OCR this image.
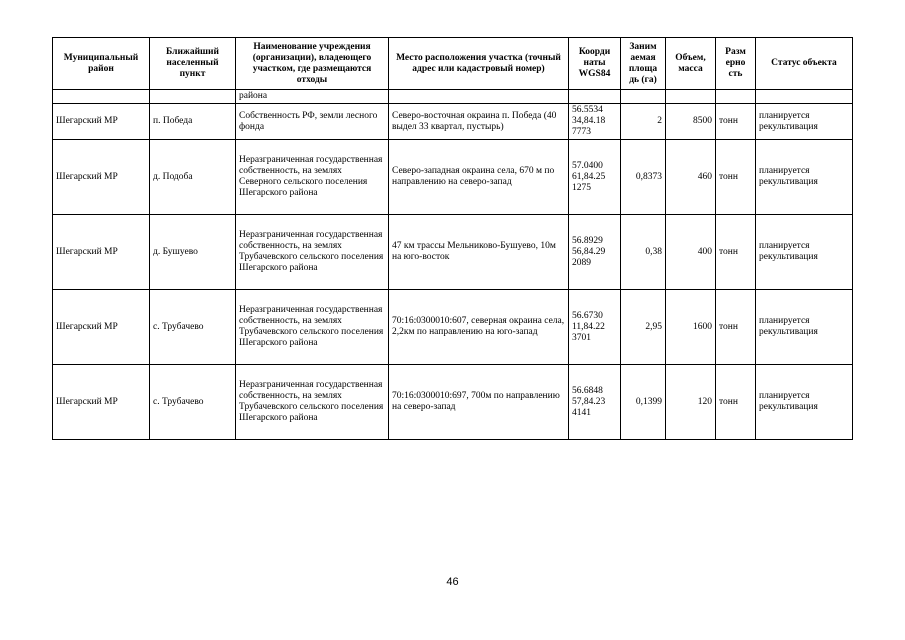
Муниципальный район	Ближайший населенный пункт	Наименование учреждения (организации), владеющего участком, где размещаются отходы	Место расположения участка (точный адрес или кадастровый номер)	Коорди наты WGS84	Заним аемая площа дь (га)	Объем, масса	Разм ерно сть	Статус объекта
		района						
Шегарский МР	п. Победа	Собственность РФ, земли лесного фонда	Северо-восточная окраина п. Победа (40 выдел 33 квартал, пустырь)	56.5534 34,84.18 7773	2	8500	тонн	планируется рекультивация
Шегарский МР	д. Подоба	Неразграниченная государственная собственность, на землях Северного сельского поселения Шегарского района	Северо-западная окраина села, 670 м по направлению на северо-запад	57.0400 61,84.25 1275	0,8373	460	тонн	планируется рекультивация
Шегарский МР	д. Бушуево	Неразграниченная государственная собственность, на землях Трубачевского сельского поселения Шегарского района	47 км трассы Мельниково-Бушуево, 10м на юго-восток	56.8929 56,84.29 2089	0,38	400	тонн	планируется рекультивация
Шегарский МР	с. Трубачево	Неразграниченная государственная собственность, на землях Трубачевского сельского поселения Шегарского района	70:16:0300010:607, северная окраина села, 2,2км по направлению на юго-запад	56.6730 11,84.22 3701	2,95	1600	тонн	планируется рекультивация
Шегарский МР	с. Трубачево	Неразграниченная государственная собственность, на землях Трубачевского сельского поселения Шегарского района	70:16:0300010:697, 700м по направлению на северо-запад	56.6848 57,84.23 4141	0,1399	120	тонн	планируется рекультивация
46
